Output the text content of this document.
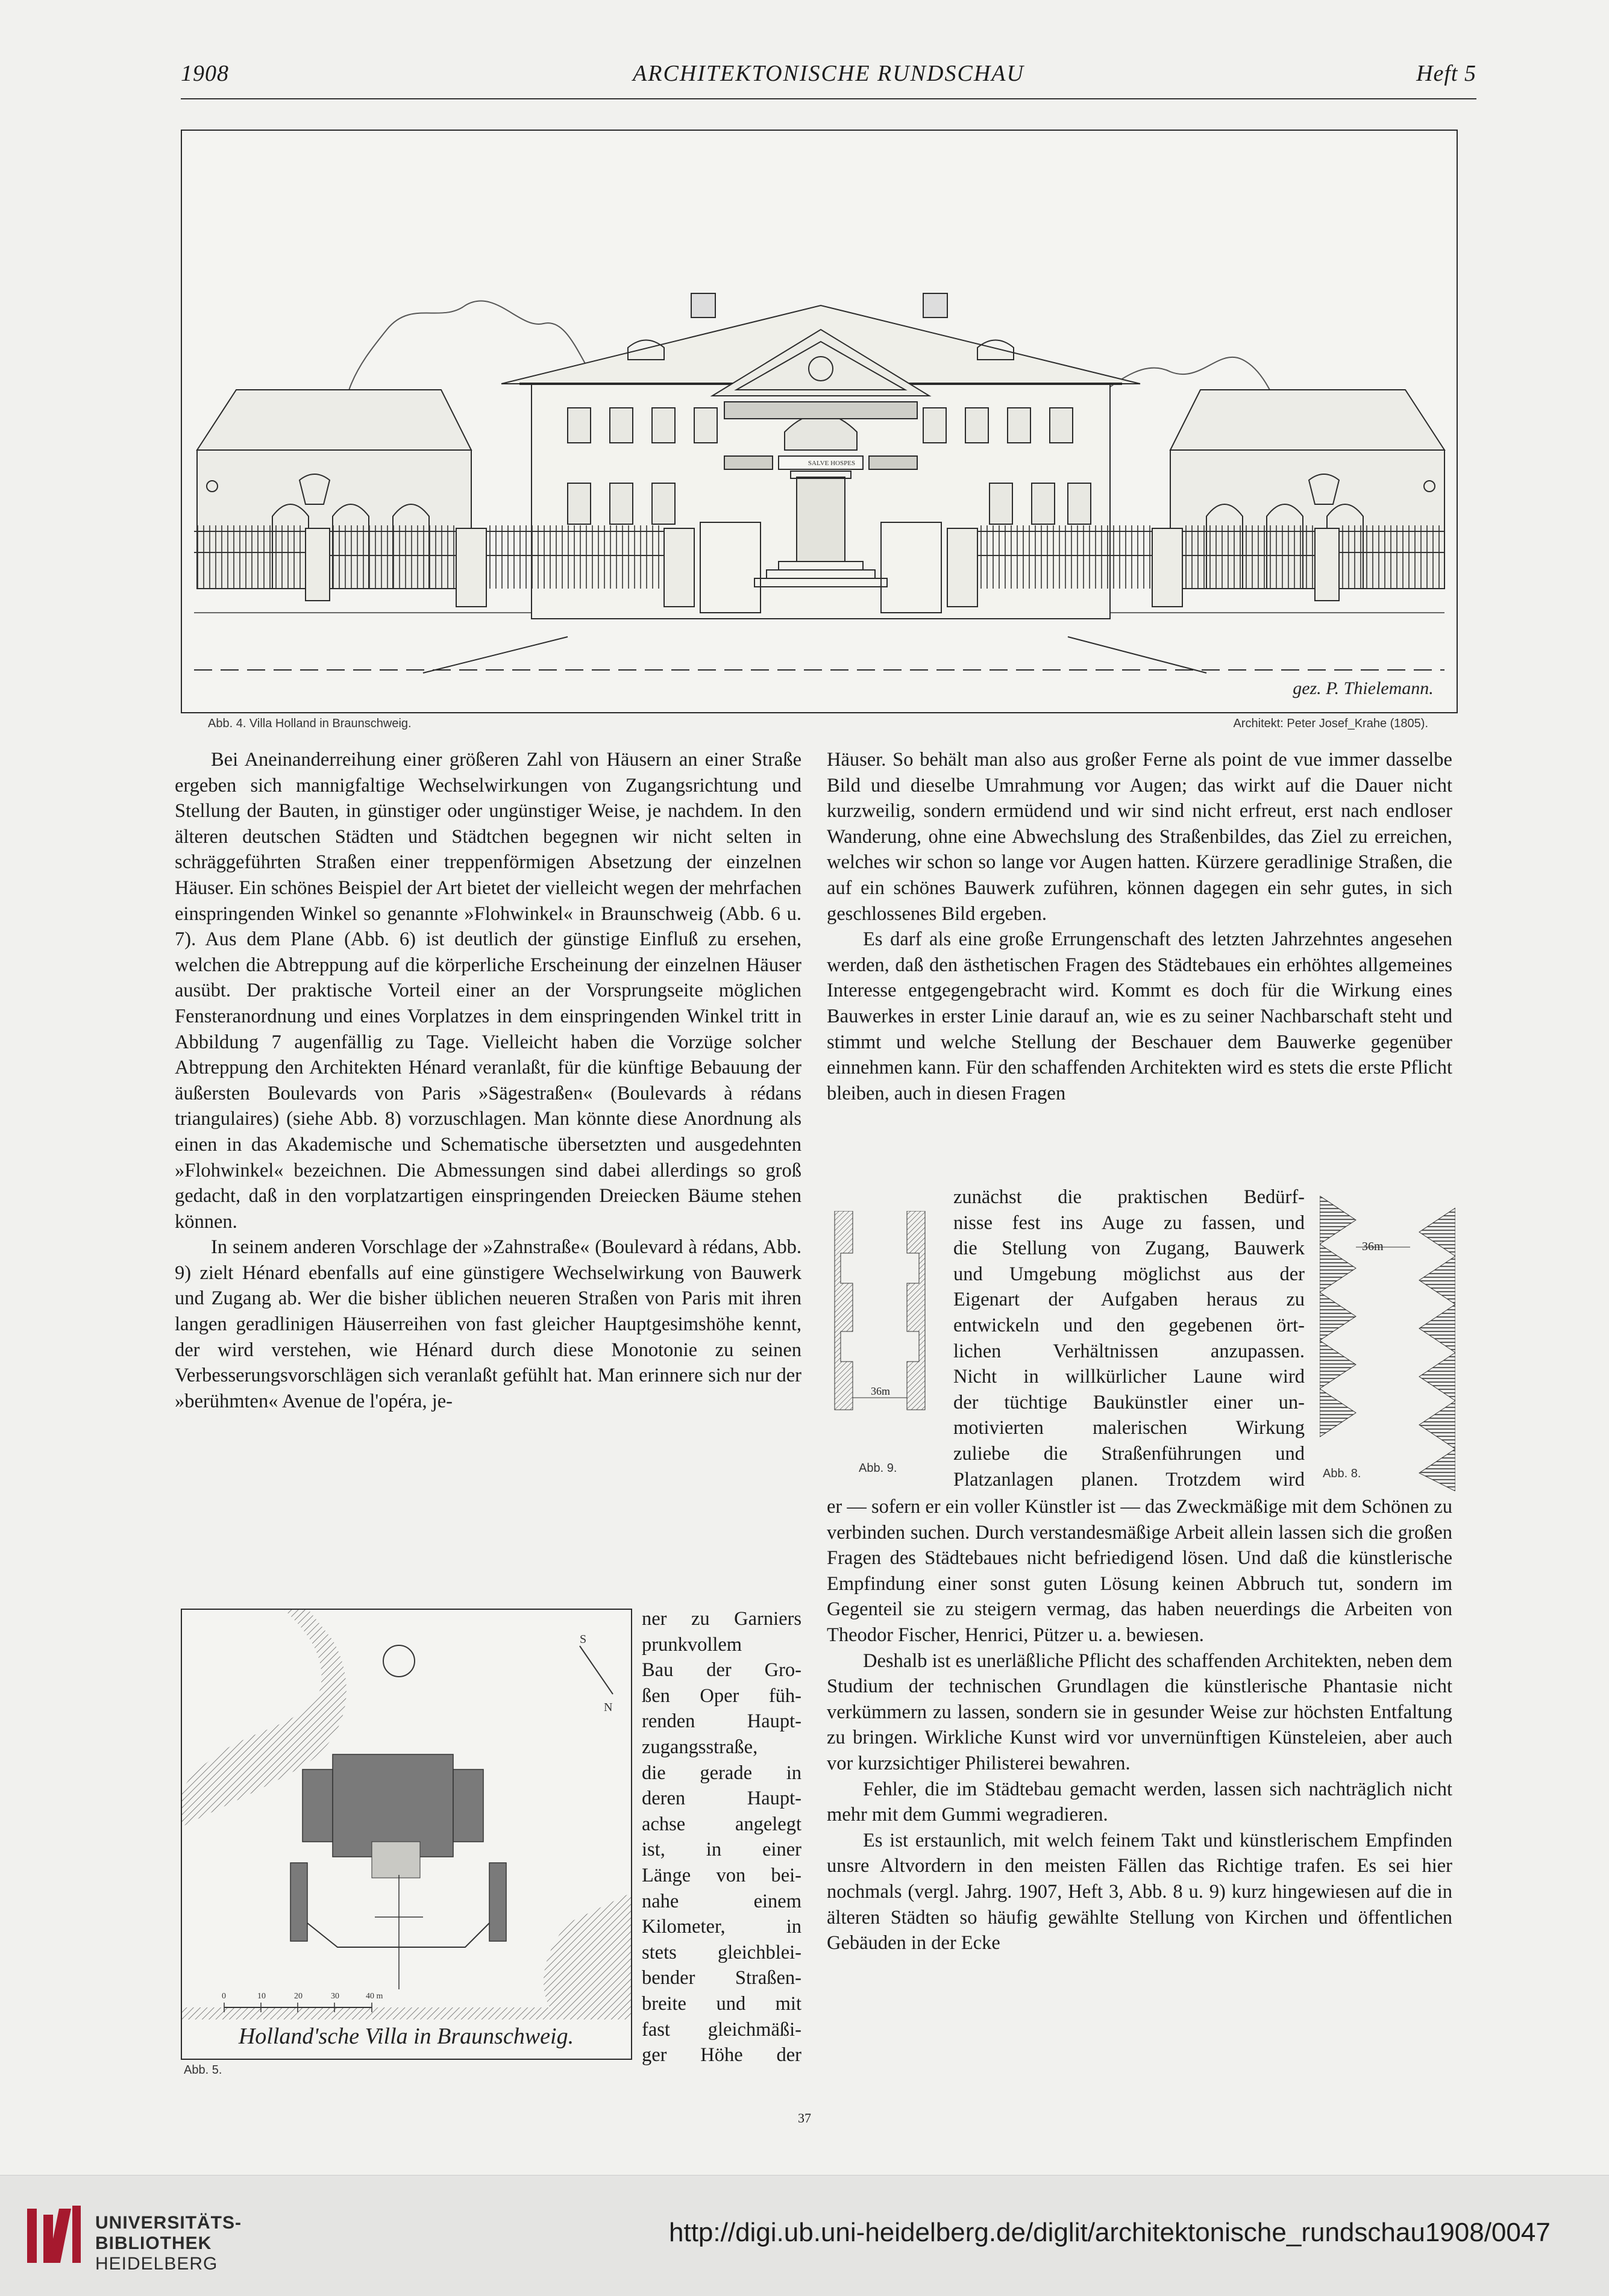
1908	ARCHITEKTONISCHE RUNDSCHAU	Heft 5
SALVE HOSPES
gez. P. Thielemann.
Abb. 4. Villa Holland in Braunschweig.	Architekt: Peter Josef_Krahe (1805).

Bei Aneinanderreihung einer größeren Zahl von Häusern an einer Straße ergeben sich mannigfaltige Wechselwirkungen von Zugangsrichtung und Stellung der Bauten, in günstiger oder ungünstiger Weise, je nachdem. In den älteren deutschen Städten und Städtchen begegnen wir nicht selten in schräggeführten Straßen einer treppenförmigen Absetzung der einzelnen Häuser. Ein schönes Beispiel der Art bietet der vielleicht wegen der mehrfachen einspringenden Winkel so genannte »Flohwinkel« in Braunschweig (Abb. 6 u. 7). Aus dem Plane (Abb. 6) ist deutlich der günstige Einfluß zu ersehen, welchen die Abtreppung auf die körperliche Erscheinung der einzelnen Häuser ausübt. Der praktische Vorteil einer an der Vorsprungseite möglichen Fensteranordnung und eines Vorplatzes in dem einspringenden Winkel tritt in Abbildung 7 augenfällig zu Tage. Vielleicht haben die Vorzüge solcher Abtreppung den Architekten Hénard veranlaßt, für die künftige Bebauung der äußersten Boulevards von Paris »Sägestraßen« (Boulevards à rédans triangulaires) (siehe Abb. 8) vorzuschlagen. Man könnte diese Anordnung als einen in das Akademische und Schematische übersetzten und ausgedehnten »Flohwinkel« bezeichnen. Die Abmessungen sind dabei allerdings so groß gedacht, daß in den vorplatzartigen einspringenden Dreiecken Bäume stehen können.

In seinem anderen Vorschlage der »Zahnstraße« (Boulevard à rédans, Abb. 9) zielt Hénard ebenfalls auf eine günstigere Wechselwirkung von Bauwerk und Zugang ab. Wer die bisher üblichen neueren Straßen von Paris mit ihren langen geradlinigen Häuserreihen von fast gleicher Hauptgesimshöhe kennt, der wird verstehen, wie Hénard durch diese Monotonie zu seinen Verbesserungsvorschlägen sich veranlaßt gefühlt hat. Man erinnere sich nur der »berühmten« Avenue de l'opéra, je-

S
N
0	10	20	30	40 m
Holland'sche Villa in Braunschweig.
Abb. 5.
ner zu Garniers
prunkvollem
Bau der Gro-
ßen Oper füh-
renden Haupt-
zugangsstraße,
die gerade in
deren Haupt-
achse angelegt
ist, in einer
Länge von bei-
nahe einem
Kilometer, in
stets gleichblei-
bender Straßen-
breite und mit
fast gleichmäßi-
ger Höhe der

Häuser. So behält man also aus großer Ferne als point de vue immer dasselbe Bild und dieselbe Umrahmung vor Augen; das wirkt auf die Dauer nicht kurzweilig, sondern ermüdend und wir sind nicht erfreut, erst nach endloser Wanderung, ohne eine Abwechslung des Straßenbildes, das Ziel zu erreichen, welches wir schon so lange vor Augen hatten. Kürzere geradlinige Straßen, die auf ein schönes Bauwerk zuführen, können dagegen ein sehr gutes, in sich geschlossenes Bild ergeben.

Es darf als eine große Errungenschaft des letzten Jahrzehntes angesehen werden, daß den ästhetischen Fragen des Städtebaues ein erhöhtes allgemeines Interesse entgegengebracht wird. Kommt es doch für die Wirkung eines Bauwerkes in erster Linie darauf an, wie es zu seiner Nachbarschaft steht und stimmt und welche Stellung der Beschauer dem Bauwerke gegenüber einnehmen kann. Für den schaffenden Architekten wird es stets die erste Pflicht bleiben, auch in diesen Fragen

36m
Abb. 9.
zunächst die praktischen Bedürf-
nisse fest ins Auge zu fassen, und
die Stellung von Zugang, Bauwerk
und Umgebung möglichst aus der
Eigenart der Aufgaben heraus zu
entwickeln und den gegebenen ört-
lichen Verhältnissen anzupassen.
Nicht in willkürlicher Laune wird
der tüchtige Baukünstler einer un-
motivierten malerischen Wirkung
zuliebe die Straßenführungen und
Platzanlagen planen. Trotzdem wird
36m
Abb. 8.

er — sofern er ein voller Künstler ist — das Zweckmäßige mit dem Schönen zu verbinden suchen. Durch verstandesmäßige Arbeit allein lassen sich die großen Fragen des Städtebaues nicht befriedigend lösen. Und daß die künstlerische Empfindung einer sonst guten Lösung keinen Abbruch tut, sondern im Gegenteil sie zu steigern vermag, das haben neuerdings die Arbeiten von Theodor Fischer, Henrici, Pützer u. a. bewiesen.

Deshalb ist es unerläßliche Pflicht des schaffenden Architekten, neben dem Studium der technischen Grundlagen die künstlerische Phantasie nicht verkümmern zu lassen, sondern sie in gesunder Weise zur höchsten Entfaltung zu bringen. Wirkliche Kunst wird vor unvernünftigen Künsteleien, aber auch vor kurzsichtiger Philisterei bewahren.

Fehler, die im Städtebau gemacht werden, lassen sich nachträglich nicht mehr mit dem Gummi wegradieren.

Es ist erstaunlich, mit welch feinem Takt und künstlerischem Empfinden unsre Altvordern in den meisten Fällen das Richtige trafen. Es sei hier nochmals (vergl. Jahrg. 1907, Heft 3, Abb. 8 u. 9) kurz hingewiesen auf die in älteren Städten so häufig gewählte Stellung von Kirchen und öffentlichen Gebäuden in der Ecke

37
UNIVERSITÄTS-
BIBLIOTHEK
HEIDELBERG
http://digi.ub.uni-heidelberg.de/diglit/architektonische_rundschau1908/0047
